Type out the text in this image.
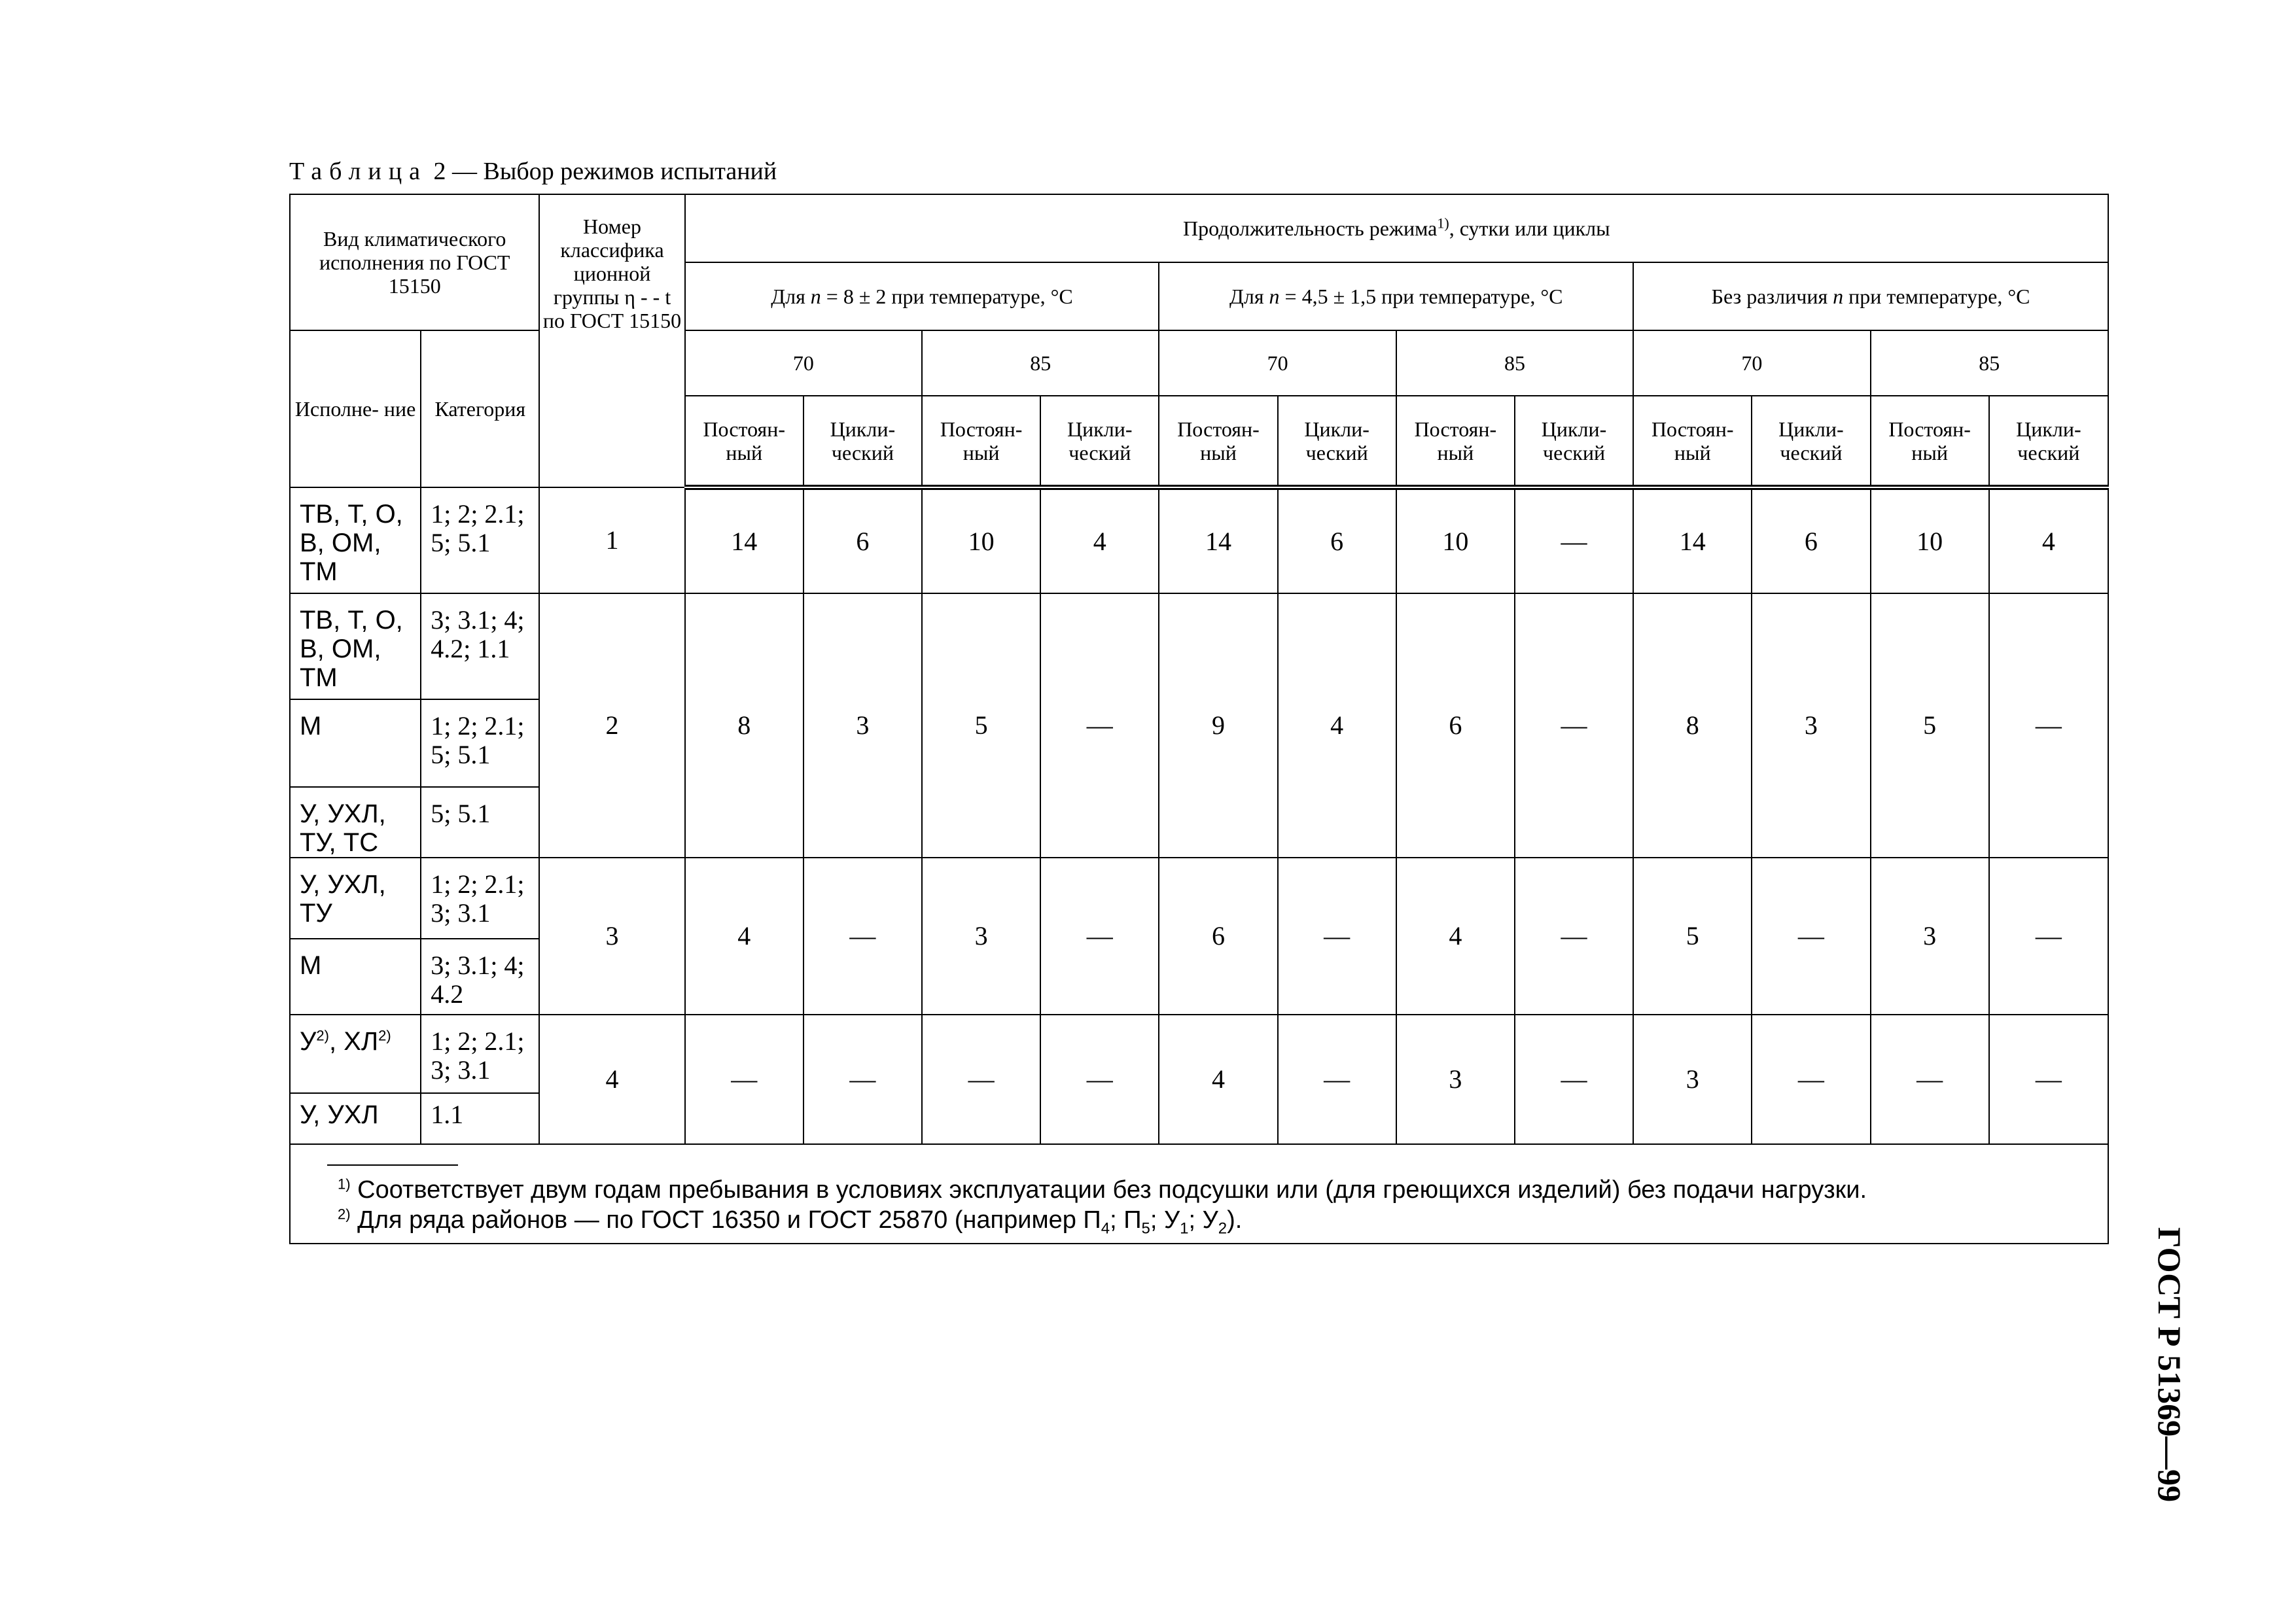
Таблица 2 — Выбор режимов испытаний
Вид климатического исполнения по ГОСТ 15150		Номер классифика ционной группы η - - t по ГОСТ 15150	Продолжительность режима$^{1)}$, сутки или циклы											
			Для n = 8 ± 2 при температуре, °С				Для n = 4,5 ± 1,5 при температуре, °С				Без различия n при температуре, °С			
Исполне- ние	Категория		70		85		70		85		70		85	
			Постоян- ный	Цикли- ческий	Постоян- ный	Цикли- ческий	Постоян- ный	Цикли- ческий	Постоян- ный	Цикли- ческий	Постоян- ный	Цикли- ческий	Постоян- ный	Цикли- ческий
ТВ, Т, О, В, ОМ, ТМ	1; 2; 2.1; 5; 5.1	1	14	6	10	4	14	6	10	—	14	6	10	4
ТВ, Т, О, В, ОМ, ТМ	3; 3.1; 4; 4.2; 1.1	2	8	3	5	—	9	4	6	—	8	3	5	—
М	1; 2; 2.1; 5; 5.1													
У, УХЛ, ТУ, ТС	5; 5.1													
У, УХЛ, ТУ	1; 2; 2.1; 3; 3.1	3	4	—	3	—	6	—	4	—	5	—	3	—
М	3; 3.1; 4; 4.2													
$У^{2)}$, ХЛ$^{2)}$	1; 2; 2.1; 3; 3.1	4	—	—	—	—	4	—	3	—	3	—	—	—
У, УХЛ	1.1													

$^{1)}$ Соответствует двум годам пребывания в условиях эксплуатации без подсушки или (для греющихся изделий) без подачи нагрузки.
$^{2)}$ Для ряда районов — по ГОСТ 16350 и ГОСТ 25870 (например $П_4$; $П_5$; $У_1$; $У_2$).														
ГОСТ Р 51369—99
